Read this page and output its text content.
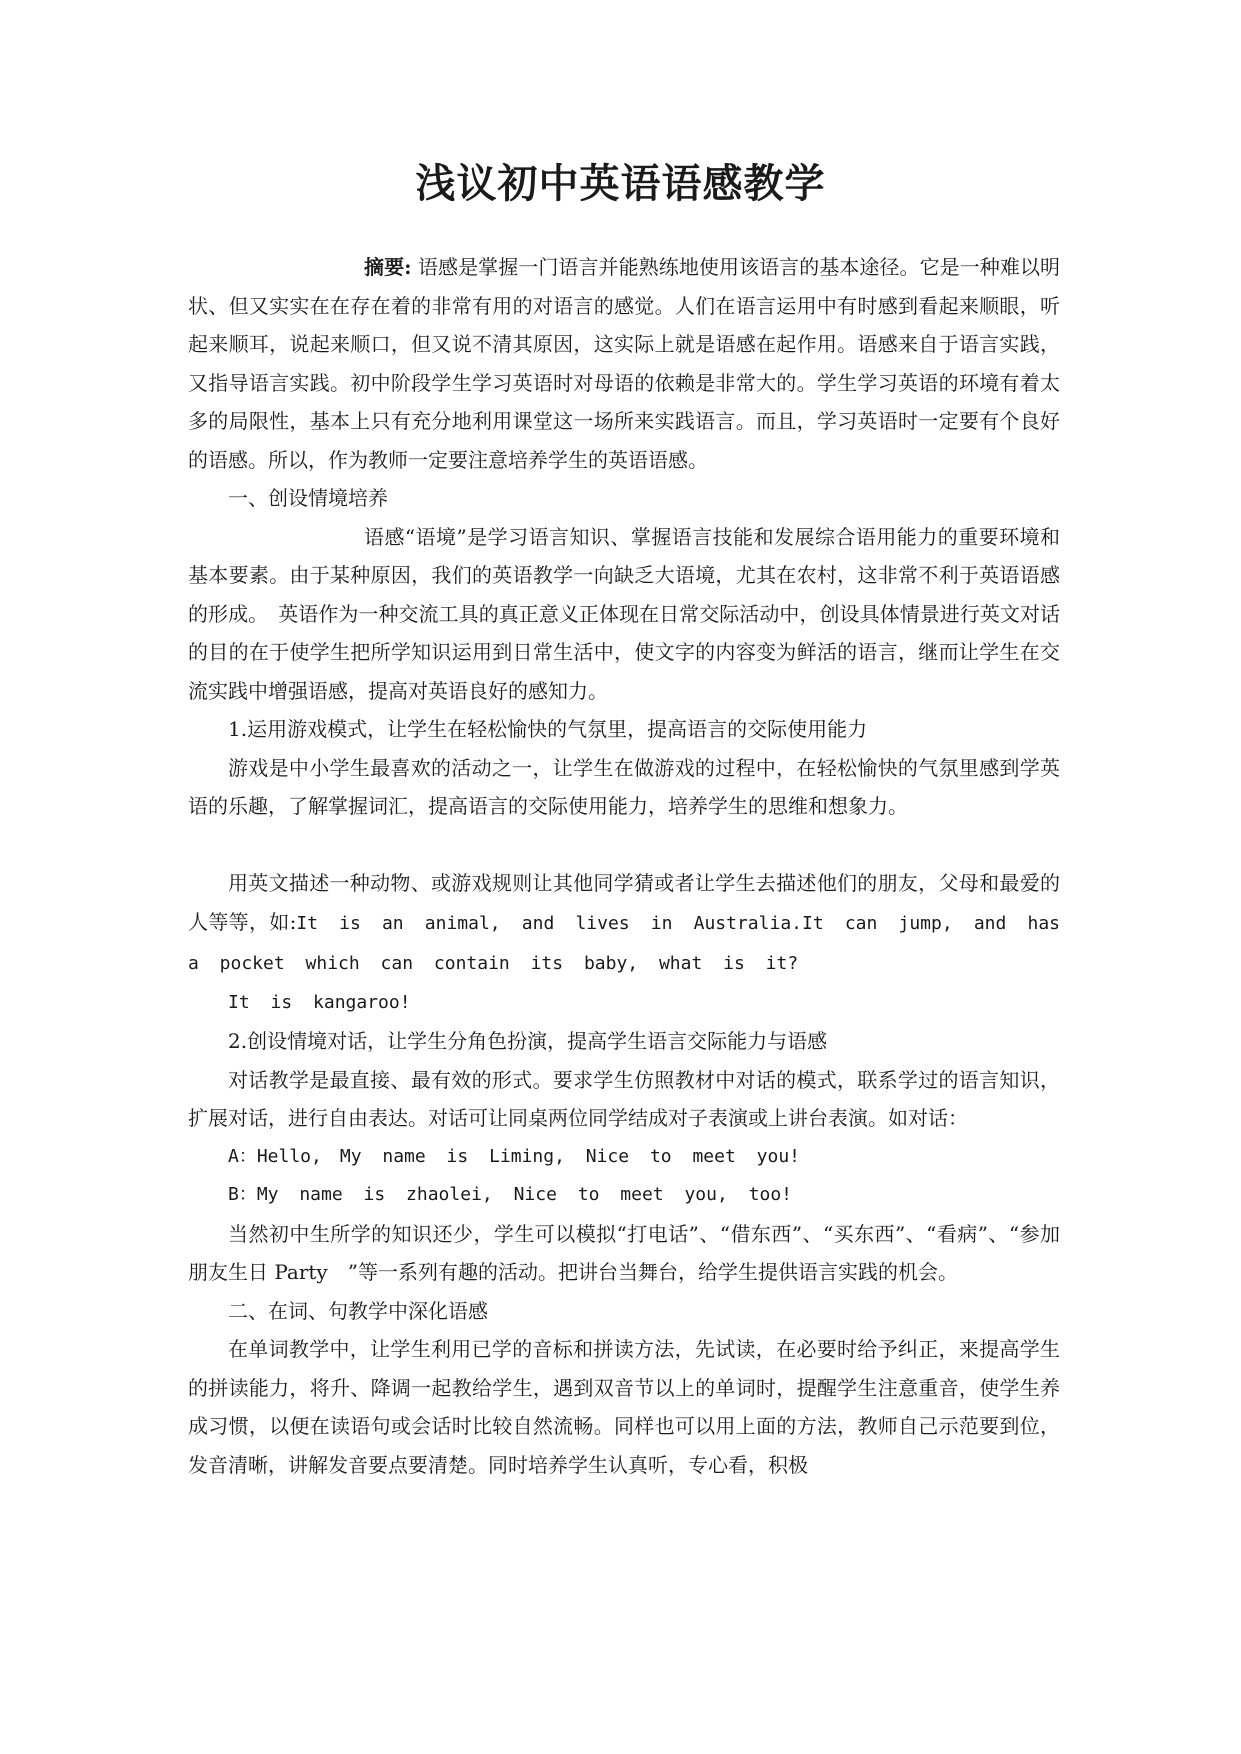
浅议初中英语语感教学

摘要: 语感是掌握一门语言并能熟练地使用该语言的基本途径。它是一种难以明状、但又实实在在存在着的非常有用的对语言的感觉。人们在语言运用中有时感到看起来顺眼，听起来顺耳，说起来顺口，但又说不清其原因，这实际上就是语感在起作用。语感来自于语言实践，又指导语言实践。初中阶段学生学习英语时对母语的依赖是非常大的。学生学习英语的环境有着太多的局限性，基本上只有充分地利用课堂这一场所来实践语言。而且，学习英语时一定要有个良好的语感。所以，作为教师一定要注意培养学生的英语语感。

一、创设情境培养

语感“语境”是学习语言知识、掌握语言技能和发展综合语用能力的重要环境和基本要素。由于某种原因，我们的英语教学一向缺乏大语境，尤其在农村，这非常不利于英语语感的形成。　英语作为一种交流工具的真正意义正体现在日常交际活动中，创设具体情景进行英文对话的目的在于使学生把所学知识运用到日常生活中，使文字的内容变为鲜活的语言，继而让学生在交流实践中增强语感，提高对英语良好的感知力。

1.运用游戏模式，让学生在轻松愉快的气氛里，提高语言的交际使用能力

游戏是中小学生最喜欢的活动之一，让学生在做游戏的过程中，在轻松愉快的气氛里感到学英语的乐趣，了解掌握词汇，提高语言的交际使用能力，培养学生的思维和想象力。

用英文描述一种动物、或游戏规则让其他同学猜或者让学生去描述他们的朋友，父母和最爱的人等等，如:It is an animal, and lives in Australia.It can jump, and has a pocket which can contain its baby, what is it?

It is kangaroo!

2.创设情境对话，让学生分角色扮演，提高学生语言交际能力与语感

对话教学是最直接、最有效的形式。要求学生仿照教材中对话的模式，联系学过的语言知识，扩展对话，进行自由表达。对话可让同桌两位同学结成对子表演或上讲台表演。如对话：

A：Hello,　My name is Liming, Nice to meet you!

B：My name is zhaolei, Nice to meet you, too!

当然初中生所学的知识还少，学生可以模拟“打电话”、“借东西”、“买东西”、“看病”、“参加朋友生日 Party　”等一系列有趣的活动。把讲台当舞台，给学生提供语言实践的机会。

二、在词、句教学中深化语感

在单词教学中，让学生利用已学的音标和拼读方法，先试读，在必要时给予纠正，来提高学生的拼读能力，将升、降调一起教给学生，遇到双音节以上的单词时，提醒学生注意重音，使学生养成习惯，以便在读语句或会话时比较自然流畅。同样也可以用上面的方法，教师自己示范要到位，发音清晰，讲解发音要点要清楚。同时培养学生认真听，专心看，积极
